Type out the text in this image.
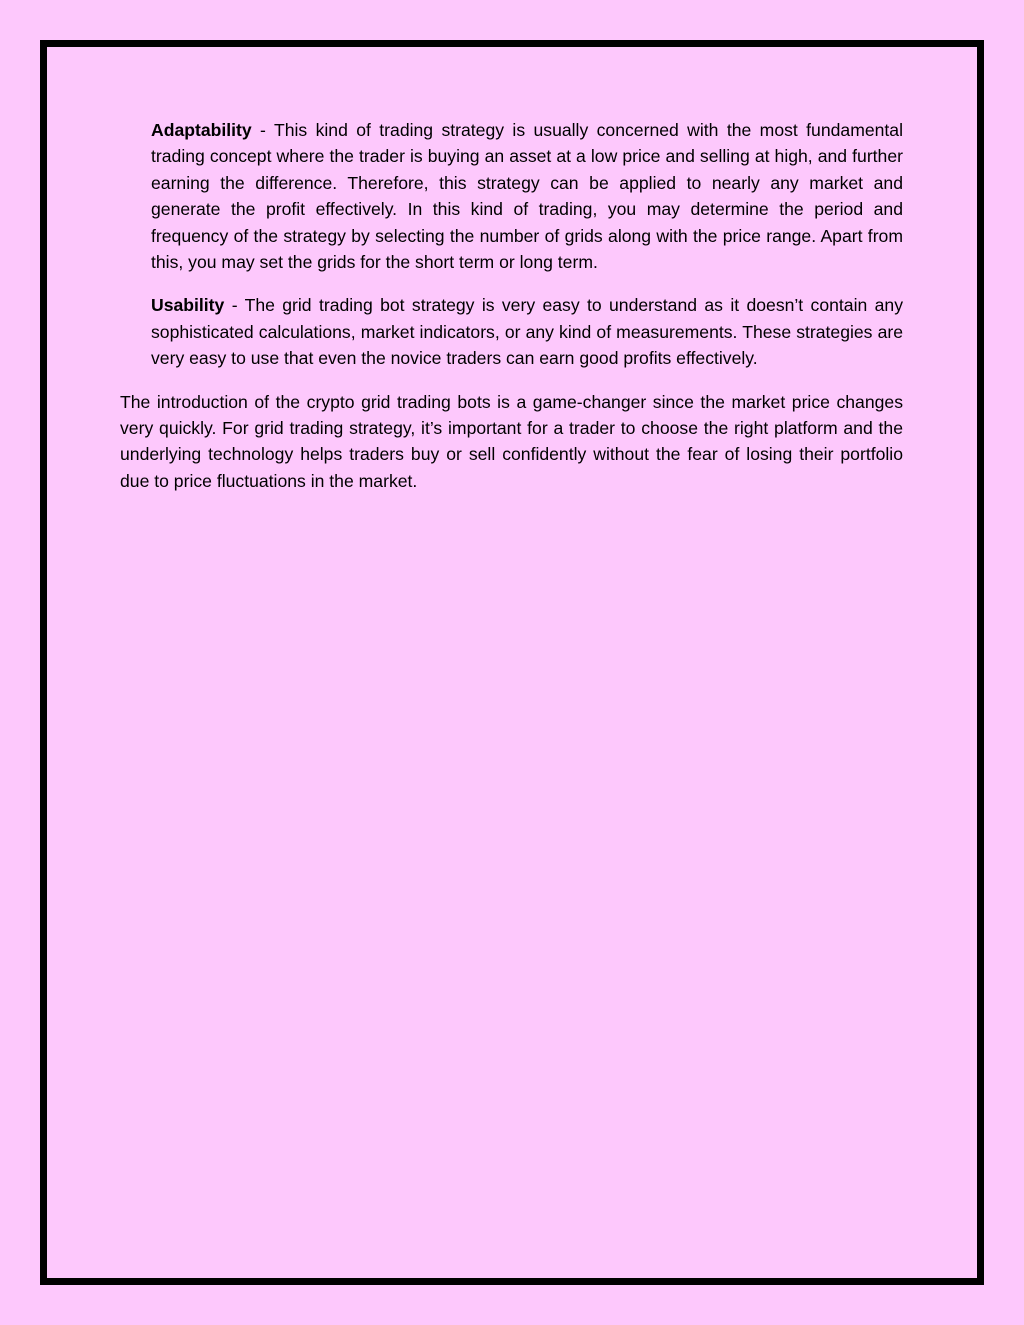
Adaptability - This kind of trading strategy is usually concerned with the most fundamental trading concept where the trader is buying an asset at a low price and selling at high, and further earning the difference. Therefore, this strategy can be applied to nearly any market and generate the profit effectively. In this kind of trading, you may determine the period and frequency of the strategy by selecting the number of grids along with the price range. Apart from this, you may set the grids for the short term or long term.

Usability - The grid trading bot strategy is very easy to understand as it doesn’t contain any sophisticated calculations, market indicators, or any kind of measurements. These strategies are very easy to use that even the novice traders can earn good profits effectively.

The introduction of the crypto grid trading bots is a game-changer since the market price changes very quickly. For grid trading strategy, it’s important for a trader to choose the right platform and the underlying technology helps traders buy or sell confidently without the fear of losing their portfolio due to price fluctuations in the market.
